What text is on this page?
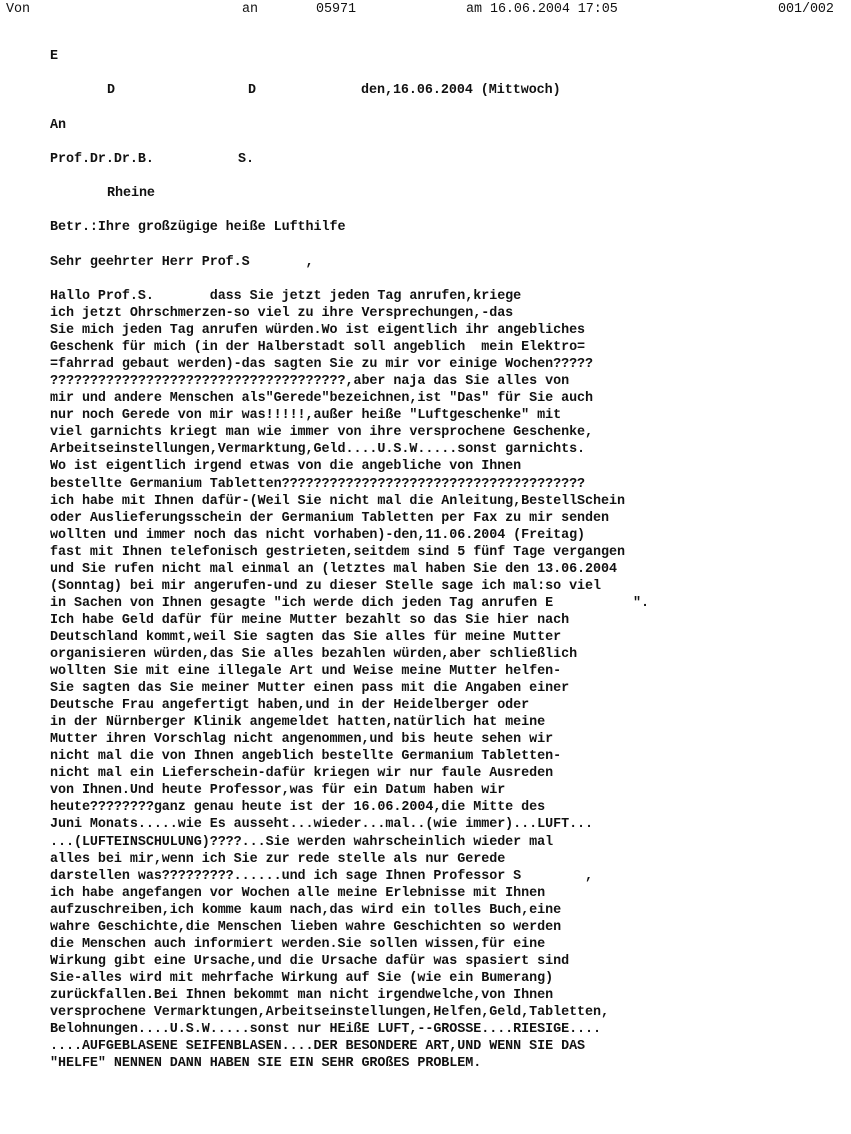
Von	an	05971	am 16.06.2004 17:05	001/002
E
D	D	den,16.06.2004 (Mittwoch)
An
Prof.Dr.Dr.B.	S.
Rheine
Betr.:Ihre großzügige heiße Lufthilfe
Sehr geehrter Herr Prof.S       ,
Hallo Prof.S.       dass Sie jetzt jeden Tag anrufen,kriege
ich jetzt Ohrschmerzen-so viel zu ihre Versprechungen,-das
Sie mich jeden Tag anrufen würden.Wo ist eigentlich ihr angebliches
Geschenk für mich (in der Halberstadt soll angeblich  mein Elektro=
=fahrrad gebaut werden)-das sagten Sie zu mir vor einige Wochen?????
?????????????????????????????????????,aber naja das Sie alles von
mir und andere Menschen als"Gerede"bezeichnen,ist "Das" für Sie auch
nur noch Gerede von mir was!!!!!,außer heiße "Luftgeschenke" mit
viel garnichts kriegt man wie immer von ihre versprochene Geschenke,
Arbeitseinstellungen,Vermarktung,Geld....U.S.W.....sonst garnichts.
Wo ist eigentlich irgend etwas von die angebliche von Ihnen
bestellte Germanium Tabletten??????????????????????????????????????
ich habe mit Ihnen dafür-(Weil Sie nicht mal die Anleitung,BestellSchein
oder Auslieferungsschein der Germanium Tabletten per Fax zu mir senden
wollten und immer noch das nicht vorhaben)-den,11.06.2004 (Freitag)
fast mit Ihnen telefonisch gestrieten,seitdem sind 5 fünf Tage vergangen
und Sie rufen nicht mal einmal an (letztes mal haben Sie den 13.06.2004
(Sonntag) bei mir angerufen-und zu dieser Stelle sage ich mal:so viel
in Sachen von Ihnen gesagte "ich werde dich jeden Tag anrufen E          ".
Ich habe Geld dafür für meine Mutter bezahlt so das Sie hier nach
Deutschland kommt,weil Sie sagten das Sie alles für meine Mutter
organisieren würden,das Sie alles bezahlen würden,aber schließlich
wollten Sie mit eine illegale Art und Weise meine Mutter helfen-
Sie sagten das Sie meiner Mutter einen pass mit die Angaben einer
Deutsche Frau angefertigt haben,und in der Heidelberger oder
in der Nürnberger Klinik angemeldet hatten,natürlich hat meine
Mutter ihren Vorschlag nicht angenommen,und bis heute sehen wir
nicht mal die von Ihnen angeblich bestellte Germanium Tabletten-
nicht mal ein Lieferschein-dafür kriegen wir nur faule Ausreden
von Ihnen.Und heute Professor,was für ein Datum haben wir
heute????????ganz genau heute ist der 16.06.2004,die Mitte des
Juni Monats.....wie Es ausseht...wieder...mal..(wie immer)...LUFT...
...(LUFTEINSCHULUNG)????...Sie werden wahrscheinlich wieder mal
alles bei mir,wenn ich Sie zur rede stelle als nur Gerede
darstellen was?????????......und ich sage Ihnen Professor S        ,
ich habe angefangen vor Wochen alle meine Erlebnisse mit Ihnen
aufzuschreiben,ich komme kaum nach,das wird ein tolles Buch,eine
wahre Geschichte,die Menschen lieben wahre Geschichten so werden
die Menschen auch informiert werden.Sie sollen wissen,für eine
Wirkung gibt eine Ursache,und die Ursache dafür was spasiert sind
Sie-alles wird mit mehrfache Wirkung auf Sie (wie ein Bumerang)
zurückfallen.Bei Ihnen bekommt man nicht irgendwelche,von Ihnen
versprochene Vermarktungen,Arbeitseinstellungen,Helfen,Geld,Tabletten,
Belohnungen....U.S.W.....sonst nur HEißE LUFT,--GROSSE....RIESIGE....
....AUFGEBLASENE SEIFENBLASEN....DER BESONDERE ART,UND WENN SIE DAS
"HELFE" NENNEN DANN HABEN SIE EIN SEHR GROßES PROBLEM.
